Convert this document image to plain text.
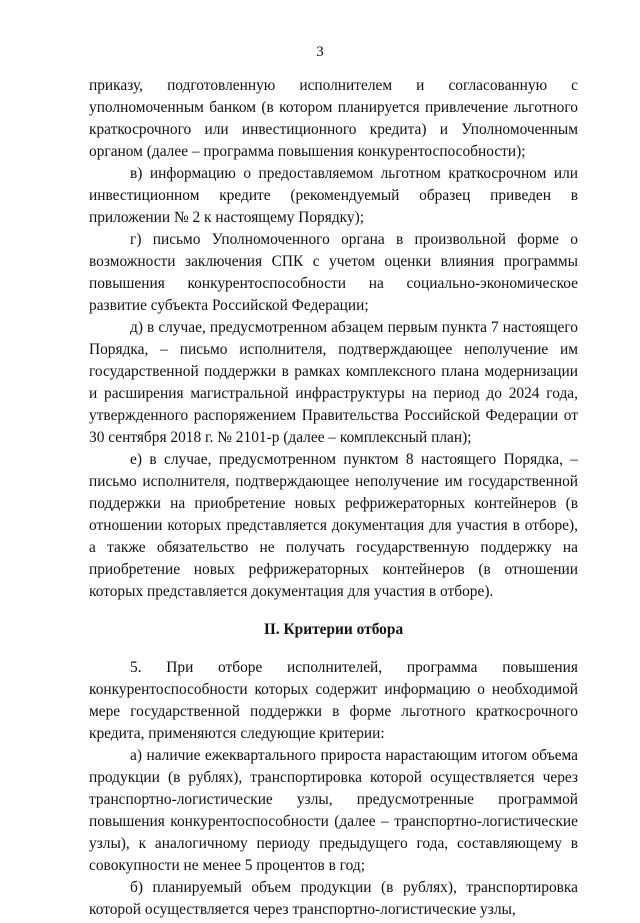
3

приказу, подготовленную исполнителем и согласованную с уполномоченным банком (в котором планируется привлечение льготного краткосрочного или инвестиционного кредита) и Уполномоченным органом (далее – программа повышения конкурентоспособности);

в) информацию о предоставляемом льготном краткосрочном или инвестиционном кредите (рекомендуемый образец приведен в приложении № 2 к настоящему Порядку);

г) письмо Уполномоченного органа в произвольной форме о возможности заключения СПК с учетом оценки влияния программы повышения конкурентоспособности на социально-экономическое развитие субъекта Российской Федерации;

д) в случае, предусмотренном абзацем первым пункта 7 настоящего Порядка, – письмо исполнителя, подтверждающее неполучение им государственной поддержки в рамках комплексного плана модернизации и расширения магистральной инфраструктуры на период до 2024 года, утвержденного распоряжением Правительства Российской Федерации от 30 сентября 2018 г. № 2101-р (далее – комплексный план);

е) в случае, предусмотренном пунктом 8 настоящего Порядка, – письмо исполнителя, подтверждающее неполучение им государственной поддержки на приобретение новых рефрижераторных контейнеров (в отношении которых представляется документация для участия в отборе), а также обязательство не получать государственную поддержку на приобретение новых рефрижераторных контейнеров (в отношении которых представляется документация для участия в отборе).

II. Критерии отбора

5. При отборе исполнителей, программа повышения конкурентоспособности которых содержит информацию о необходимой мере государственной поддержки в форме льготного краткосрочного кредита, применяются следующие критерии:

а) наличие ежеквартального прироста нарастающим итогом объема продукции (в рублях), транспортировка которой осуществляется через транспортно-логистические узлы, предусмотренные программой повышения конкурентоспособности (далее – транспортно-логистические узлы), к аналогичному периоду предыдущего года, составляющему в совокупности не менее 5 процентов в год;

б) планируемый объем продукции (в рублях), транспортировка которой осуществляется через транспортно-логистические узлы,
